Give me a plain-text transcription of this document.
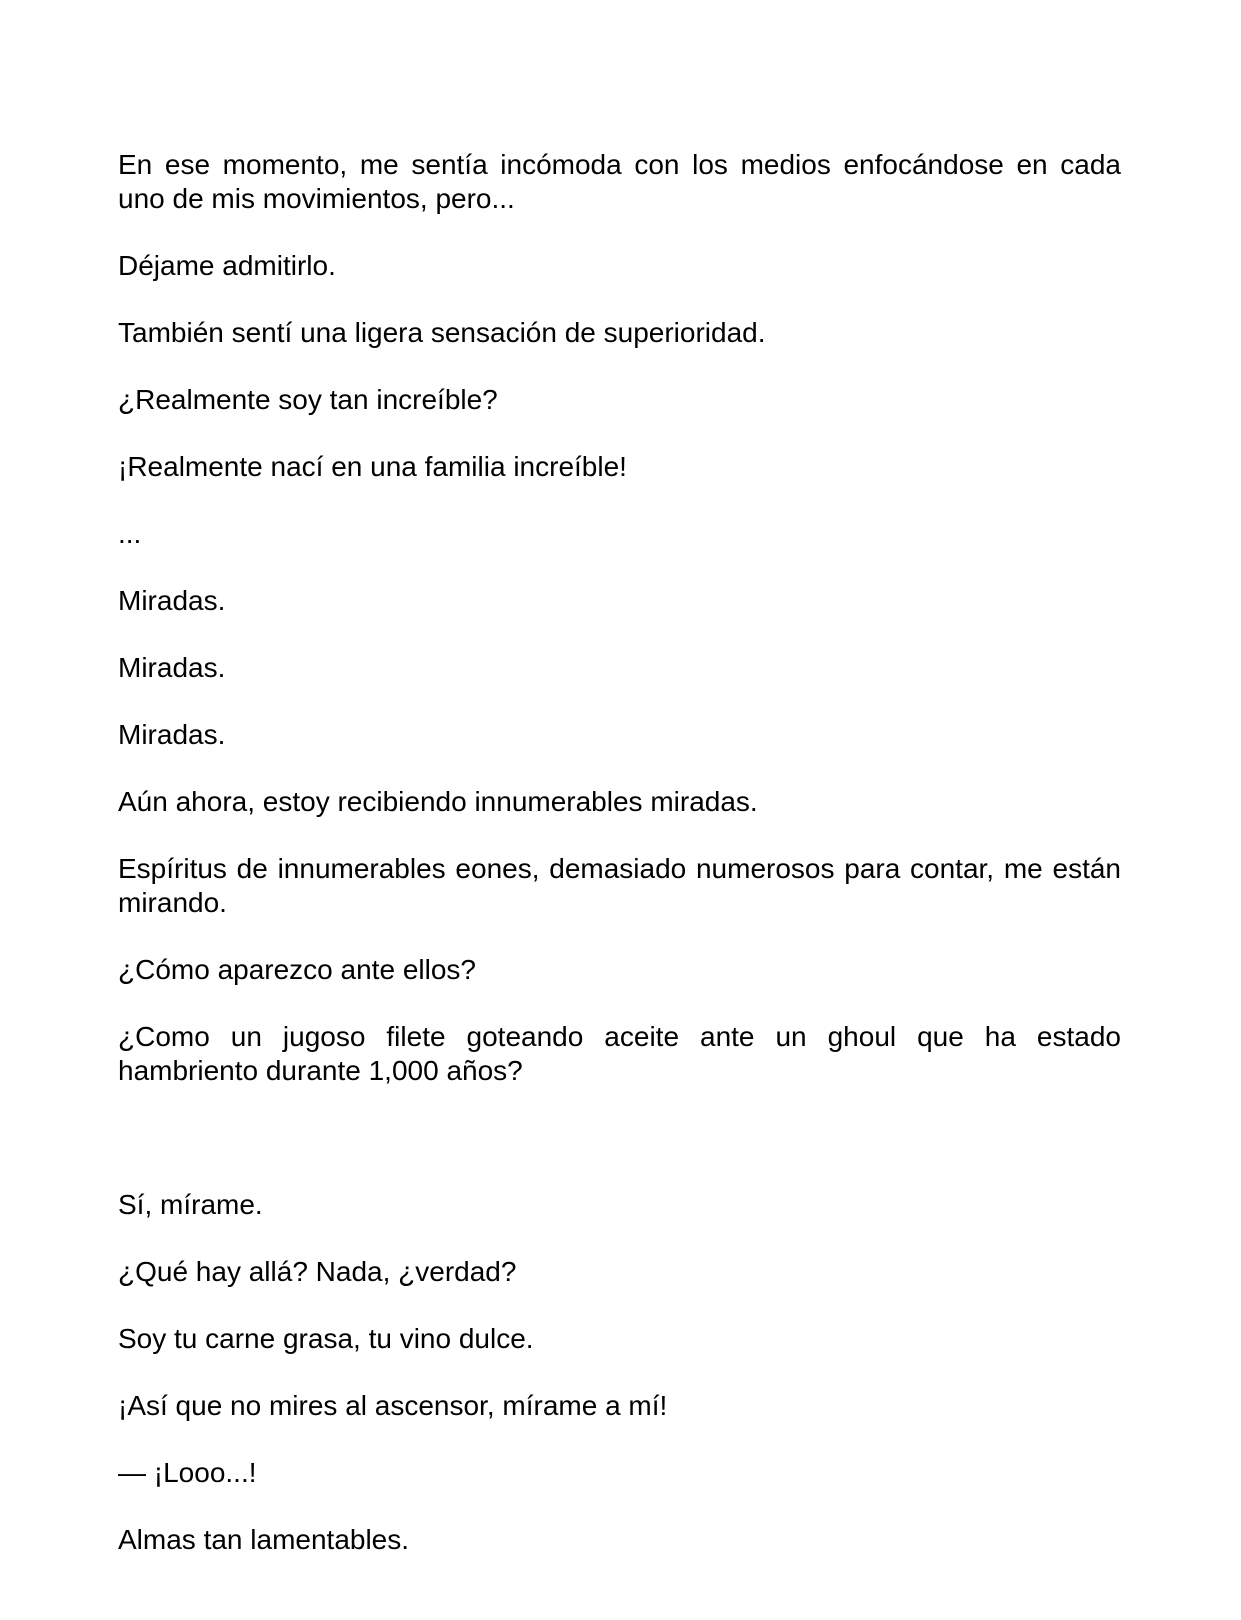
En ese momento, me sentía incómoda con los medios enfocándose en cada uno de mis movimientos, pero...

Déjame admitirlo.

También sentí una ligera sensación de superioridad.

¿Realmente soy tan increíble?

¡Realmente nací en una familia increíble!

...

Miradas.

Miradas.

Miradas.

Aún ahora, estoy recibiendo innumerables miradas.

Espíritus de innumerables eones, demasiado numerosos para contar, me están mirando.

¿Cómo aparezco ante ellos?

¿Como un jugoso filete goteando aceite ante un ghoul que ha estado hambriento durante 1,000 años?

Sí, mírame.

¿Qué hay allá? Nada, ¿verdad?

Soy tu carne grasa, tu vino dulce.

¡Así que no mires al ascensor, mírame a mí!

— ¡Looo...!

Almas tan lamentables.
